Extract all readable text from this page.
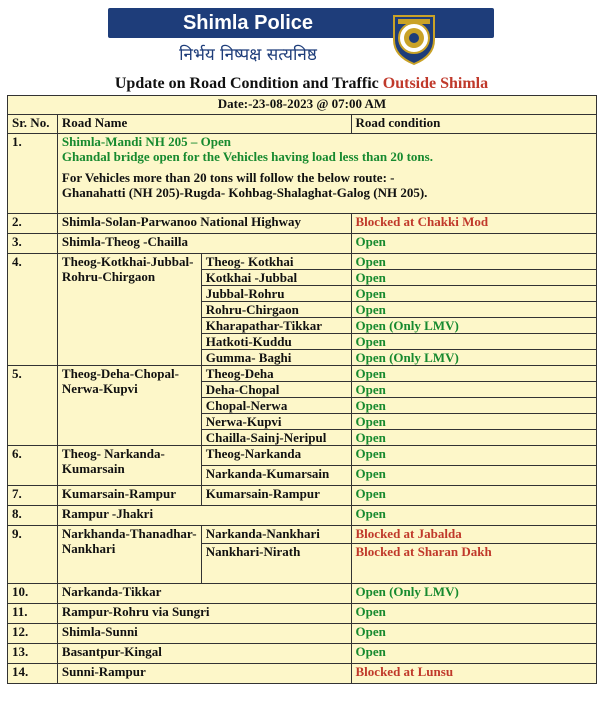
Shimla Police
निर्भय निष्पक्ष सत्यनिष्ठ
Update on Road Condition and Traffic Outside Shimla
Date:-23-08-2023 @ 07:00 AM			
Sr. No.	Road Name		Road condition
1.	Shimla-Mandi NH 205 – Open
Ghandal bridge open for the Vehicles having load less than 20 tons.
For Vehicles more than 20 tons will follow the below route: -
Ghanahatti (NH 205)-Rugda- Kohbag-Shalaghat-Galog (NH 205).		

2.	Shimla-Solan-Parwanoo National Highway		Blocked at Chakki Mod
3.	Shimla-Theog -Chailla		Open
4.	Theog-Kotkhai-Jubbal-Rohru-Chirgaon	Theog- Kotkhai	Open
		Kotkhai -Jubbal	Open
		Jubbal-Rohru	Open
		Rohru-Chirgaon	Open
		Kharapathar-Tikkar	Open (Only LMV)
		Hatkoti-Kuddu	Open
		Gumma- Baghi	Open (Only LMV)
5.	Theog-Deha-Chopal-Nerwa-Kupvi	Theog-Deha	Open
		Deha-Chopal	Open
		Chopal-Nerwa	Open
		Nerwa-Kupvi	Open
		Chailla-Sainj-Neripul	Open
6.	Theog- Narkanda-Kumarsain	Theog-Narkanda	Open
		Narkanda-Kumarsain	Open
7.	Kumarsain-Rampur	Kumarsain-Rampur	Open
8.	Rampur -Jhakri		Open
9.	Narkhanda-Thanadhar-Nankhari	Narkanda-Nankhari	Blocked at Jabalda
		Nankhari-Nirath	Blocked at Sharan Dakh
10.	Narkanda-Tikkar		Open (Only LMV)
11.	Rampur-Rohru via Sungri		Open
12.	Shimla-Sunni		Open
13.	Basantpur-Kingal		Open
14.	Sunni-Rampur		Blocked at Lunsu
